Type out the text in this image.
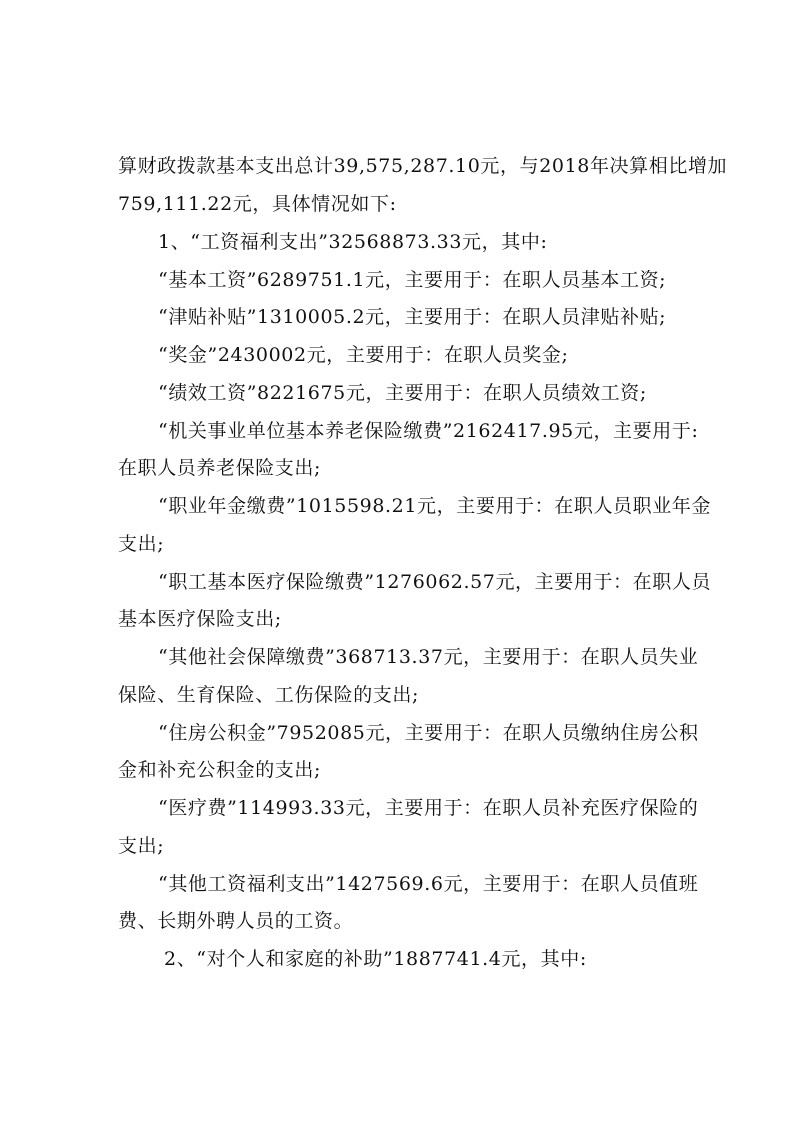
算财政拨款基本支出总计39,575,287.10元，与2018年决算相比增加
759,111.22元，具体情况如下:
1、“工资福利支出”32568873.33元，其中:
“基本工资”6289751.1元，主要用于：在职人员基本工资;
“津贴补贴”1310005.2元，主要用于：在职人员津贴补贴;
“奖金”2430002元，主要用于：在职人员奖金;
“绩效工资”8221675元，主要用于：在职人员绩效工资;
“机关事业单位基本养老保险缴费”2162417.95元，主要用于:
在职人员养老保险支出;
“职业年金缴费”1015598.21元，主要用于：在职人员职业年金
支出;
“职工基本医疗保险缴费”1276062.57元，主要用于：在职人员
基本医疗保险支出;
“其他社会保障缴费”368713.37元，主要用于：在职人员失业
保险、生育保险、工伤保险的支出;
“住房公积金”7952085元，主要用于：在职人员缴纳住房公积
金和补充公积金的支出;
“医疗费”114993.33元，主要用于：在职人员补充医疗保险的
支出;
“其他工资福利支出”1427569.6元，主要用于：在职人员值班
费、长期外聘人员的工资。
2、“对个人和家庭的补助”1887741.4元，其中:
